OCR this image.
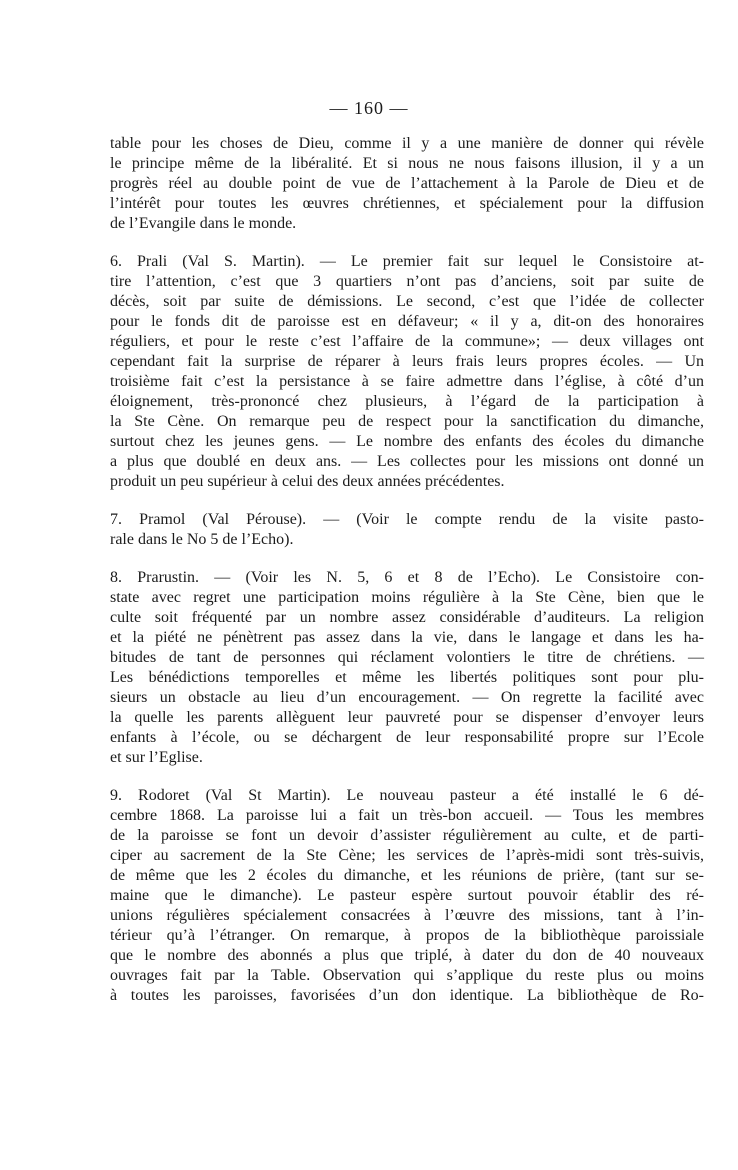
— 160 —
table pour les choses de Dieu, comme il y a une manière de donner qui révèle
le principe même de la libéralité. Et si nous ne nous faisons illusion, il y a un
progrès réel au double point de vue de l’attachement à la Parole de Dieu et de
l’intérêt pour toutes les œuvres chrétiennes, et spécialement pour la diffusion
de l’Evangile dans le monde.
6. Prali (Val S. Martin). — Le premier fait sur lequel le Consistoire at-
tire l’attention, c’est que 3 quartiers n’ont pas d’anciens, soit par suite de
décès, soit par suite de démissions. Le second, c’est que l’idée de collecter
pour le fonds dit de paroisse est en défaveur; « il y a, dit-on des honoraires
réguliers, et pour le reste c’est l’affaire de la commune»; — deux villages ont
cependant fait la surprise de réparer à leurs frais leurs propres écoles. — Un
troisième fait c’est la persistance à se faire admettre dans l’église, à côté d’un
éloignement, très-prononcé chez plusieurs, à l’égard de la participation à
la Ste Cène. On remarque peu de respect pour la sanctification du dimanche,
surtout chez les jeunes gens. — Le nombre des enfants des écoles du dimanche
a plus que doublé en deux ans. — Les collectes pour les missions ont donné un
produit un peu supérieur à celui des deux années précédentes.
7. Pramol (Val Pérouse). — (Voir le compte rendu de la visite pasto-
rale dans le No 5 de l’Echo).
8. Prarustin. — (Voir les N. 5, 6 et 8 de l’Echo). Le Consistoire con-
state avec regret une participation moins régulière à la Ste Cène, bien que le
culte soit fréquenté par un nombre assez considérable d’auditeurs. La religion
et la piété ne pénètrent pas assez dans la vie, dans le langage et dans les ha-
bitudes de tant de personnes qui réclament volontiers le titre de chrétiens. —
Les bénédictions temporelles et même les libertés politiques sont pour plu-
sieurs un obstacle au lieu d’un encouragement. — On regrette la facilité avec
la quelle les parents allèguent leur pauvreté pour se dispenser d’envoyer leurs
enfants à l’école, ou se déchargent de leur responsabilité propre sur l’Ecole
et sur l’Eglise.
9. Rodoret (Val St Martin). Le nouveau pasteur a été installé le 6 dé-
cembre 1868. La paroisse lui a fait un très-bon accueil. — Tous les membres
de la paroisse se font un devoir d’assister régulièrement au culte, et de parti-
ciper au sacrement de la Ste Cène; les services de l’après-midi sont très-suivis,
de même que les 2 écoles du dimanche, et les réunions de prière, (tant sur se-
maine que le dimanche). Le pasteur espère surtout pouvoir établir des ré-
unions régulières spécialement consacrées à l’œuvre des missions, tant à l’in-
térieur qu’à l’étranger. On remarque, à propos de la bibliothèque paroissiale
que le nombre des abonnés a plus que triplé, à dater du don de 40 nouveaux
ouvrages fait par la Table. Observation qui s’applique du reste plus ou moins
à toutes les paroisses, favorisées d’un don identique. La bibliothèque de Ro-
